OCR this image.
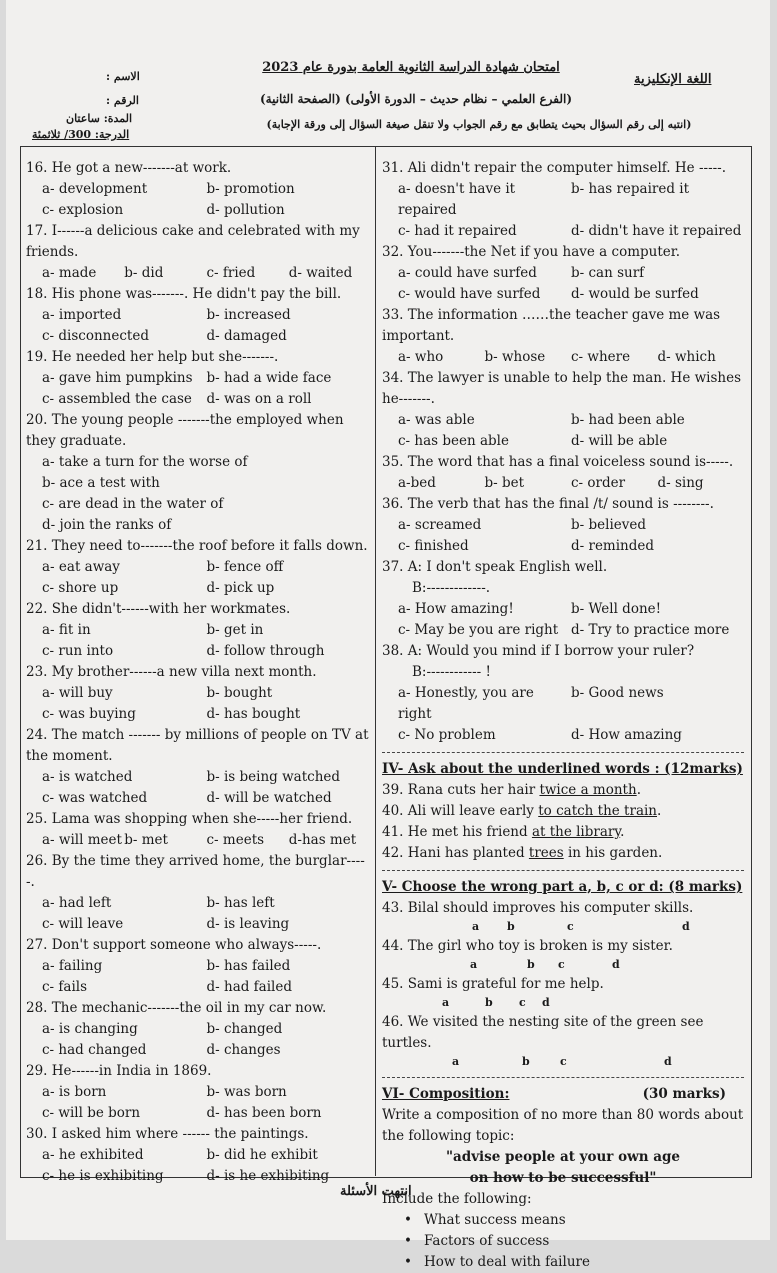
امتحان شهادة الدراسة الثانوية العامة بدورة عام 2023
اللغة الإنكليزية
(الفرع العلمي – نظام حديث – الدورة الأولى) (الصفحة الثانية)
(انتبه إلى رقم السؤال بحيث يتطابق مع رقم الجواب ولا تنقل صيغة السؤال إلى ورقة الإجابة)
الاسم :
الرقم :
المدة: ساعتان
الدرجة: 300/ ثلاثمئة
16. He got a new-------at work.
a- development	b- promotion
c- explosion	d- pollution
17. I------a delicious cake and celebrated with my friends.
a- made	b- did	c- fried	d- waited
18. His phone was-------. He didn't pay the bill.
a- imported	b- increased
c- disconnected	d- damaged
19. He needed her help but she-------.
a- gave him pumpkins	b- had a wide face
c- assembled the case	d- was on a roll
20. The young people -------the employed when they graduate.
a- take a turn for the worse of
b- ace a test with
c- are dead in the water of
d- join the ranks of
21. They need to-------the roof before it falls down.
a- eat away	b- fence off
c- shore up	d- pick up
22. She didn't------with her workmates.
a- fit in	b- get in
c- run into	d- follow through
23. My brother------a new villa next month.
a- will buy	b- bought
c- was buying	d- has bought
24. The match ------- by millions of people on TV at the moment.
a- is watched	b- is being watched
c- was watched	d- will be watched
25. Lama was shopping when she-----her friend.
a- will meet b- met	c- meets	d-has met
26. By the time they arrived home, the burglar-----.
a- had left	b- has left
c- will leave	d- is leaving
27. Don't support someone who always-----.
a- failing	b- has failed
c- fails	d- had failed
28. The mechanic-------the oil in my car now.
a- is changing	b- changed
c- had changed	d- changes
29. He------in India in 1869.
a- is born	b- was born
c- will be born	d- has been born
30. I asked him where ------ the paintings.
a- he exhibited	b- did he exhibit
c- he is exhibiting	d- is he exhibiting
31. Ali didn't repair the computer himself. He -----.
a- doesn't have it repaired
b- has repaired it
c- had it repaired	d- didn't have it repaired
32. You-------the Net if you have a computer.
a- could have surfed	b- can surf
c- would have surfed	d- would be surfed
33. The information ……the teacher gave me was important.
a- who	b- whose	c- where	d- which
34. The lawyer is unable to help the man. He wishes he-------.
a- was able	b- had been able
c- has been able	d- will be able
35. The word that has a final voiceless sound is-----.
a-bed	b- bet	c- order	d- sing
36. The verb that has the final /t/ sound is --------.
a- screamed	b- believed
c- finished	d- reminded
37. A: I don't speak English well.
B:-------------.
a- How amazing!	b- Well done!
c- May be you are right d- Try to practice more
38. A: Would you mind if I borrow your ruler?
B:------------ !
a- Honestly, you are right
b- Good news
c- No problem	d- How amazing
IV- Ask about the underlined words : (12marks)
39. Rana cuts her hair twice a month.
40. Ali will leave early to catch the train.
41. He met his friend at the library.
42. Hani has planted trees in his garden.
V- Choose the wrong part a, b, c or d: (8 marks)
43. Bilal should improves his computer skills.
a	b	c	d
44. The girl who toy is broken is my sister.
a	b c	d
45. Sami is grateful for me help.
a	b c d
46. We visited the nesting site of the green see turtles.
a	b	c	d
VI- Composition:	(30 marks)
Write a composition of no more than 80 words about the following topic:
"advise people at your own age
on how to be successful"
Include the following:
• What success means
• Factors of success
• How to deal with failure
انتهت الأسئلة
